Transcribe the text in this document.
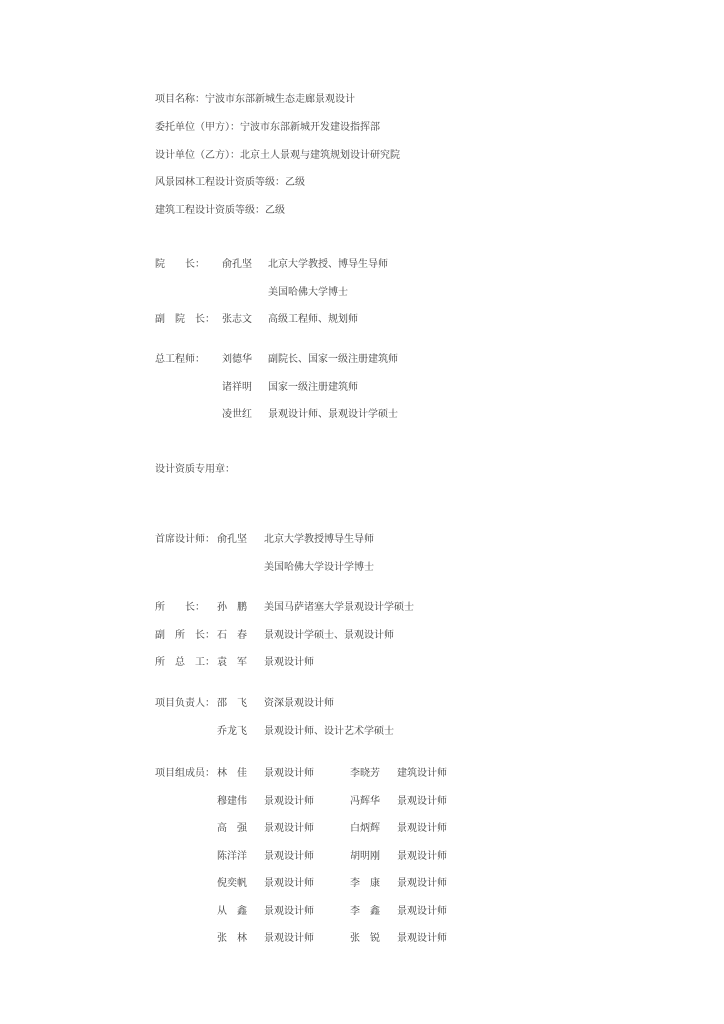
项目名称：宁波市东部新城生态走廊景观设计
委托单位（甲方）：宁波市东部新城开发建设指挥部
设计单位（乙方）：北京土人景观与建筑规划设计研究院
风景园林工程设计资质等级：乙级
建筑工程设计资质等级：乙级
院　　长： 俞孔坚 北京大学教授、博导生导师
美国哈佛大学博士
副　院　长： 张志文 高级工程师、规划师
总工程师： 刘德华 副院长、国家一级注册建筑师
诸祥明 国家一级注册建筑师
凌世红 景观设计师、景观设计学硕士
设计资质专用章：
首席设计师： 俞孔坚 北京大学教授博导生导师
美国哈佛大学设计学博士
所　　长： 孙　鹏 美国马萨诸塞大学景观设计学硕士
副　所　长： 石　春 景观设计学硕士、景观设计师
所　总　工： 袁　军 景观设计师
项目负责人： 邵　飞 资深景观设计师
乔龙飞 景观设计师、设计艺术学硕士
项目组成员： 林　佳 景观设计师	李晓芳 建筑设计师
穆建伟 景观设计师	冯辉华 景观设计师
高　强 景观设计师	白炳辉 景观设计师
陈洋洋 景观设计师	胡明刚 景观设计师
倪奕帆 景观设计师	李　康 景观设计师
从　鑫 景观设计师	李　鑫 景观设计师
张　林 景观设计师	张　锐 景观设计师
